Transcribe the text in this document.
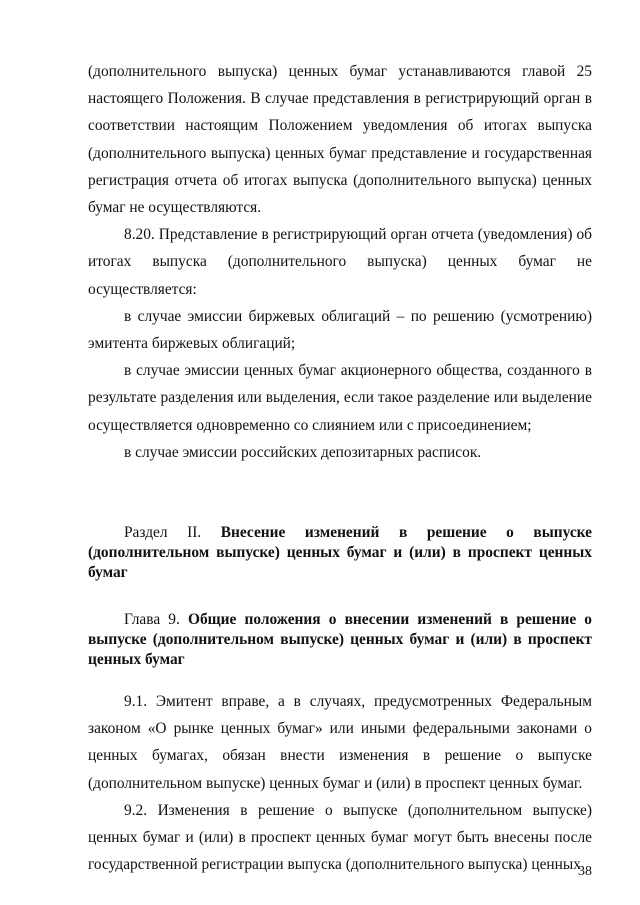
(дополнительного выпуска) ценных бумаг устанавливаются главой 25 настоящего Положения. В случае представления в регистрирующий орган в соответствии настоящим Положением уведомления об итогах выпуска (дополнительного выпуска) ценных бумаг представление и государственная регистрация отчета об итогах выпуска (дополнительного выпуска) ценных бумаг не осуществляются.

8.20. Представление в регистрирующий орган отчета (уведомления) об итогах выпуска (дополнительного выпуска) ценных бумаг не осуществляется:

в случае эмиссии биржевых облигаций – по решению (усмотрению) эмитента биржевых облигаций;

в случае эмиссии ценных бумаг акционерного общества, созданного в результате разделения или выделения, если такое разделение или выделение осуществляется одновременно со слиянием или с присоединением;

в случае эмиссии российских депозитарных расписок.

Раздел II. Внесение изменений в решение о выпуске (дополнительном выпуске) ценных бумаг и (или) в проспект ценных бумаг

Глава 9. Общие положения о внесении изменений в решение о выпуске (дополнительном выпуске) ценных бумаг и (или) в проспект ценных бумаг

9.1. Эмитент вправе, а в случаях, предусмотренных Федеральным законом «О рынке ценных бумаг» или иными федеральными законами о ценных бумагах, обязан внести изменения в решение о выпуске (дополнительном выпуске) ценных бумаг и (или) в проспект ценных бумаг.

9.2. Изменения в решение о выпуске (дополнительном выпуске) ценных бумаг и (или) в проспект ценных бумаг могут быть внесены после государственной регистрации выпуска (дополнительного выпуска) ценных

38
